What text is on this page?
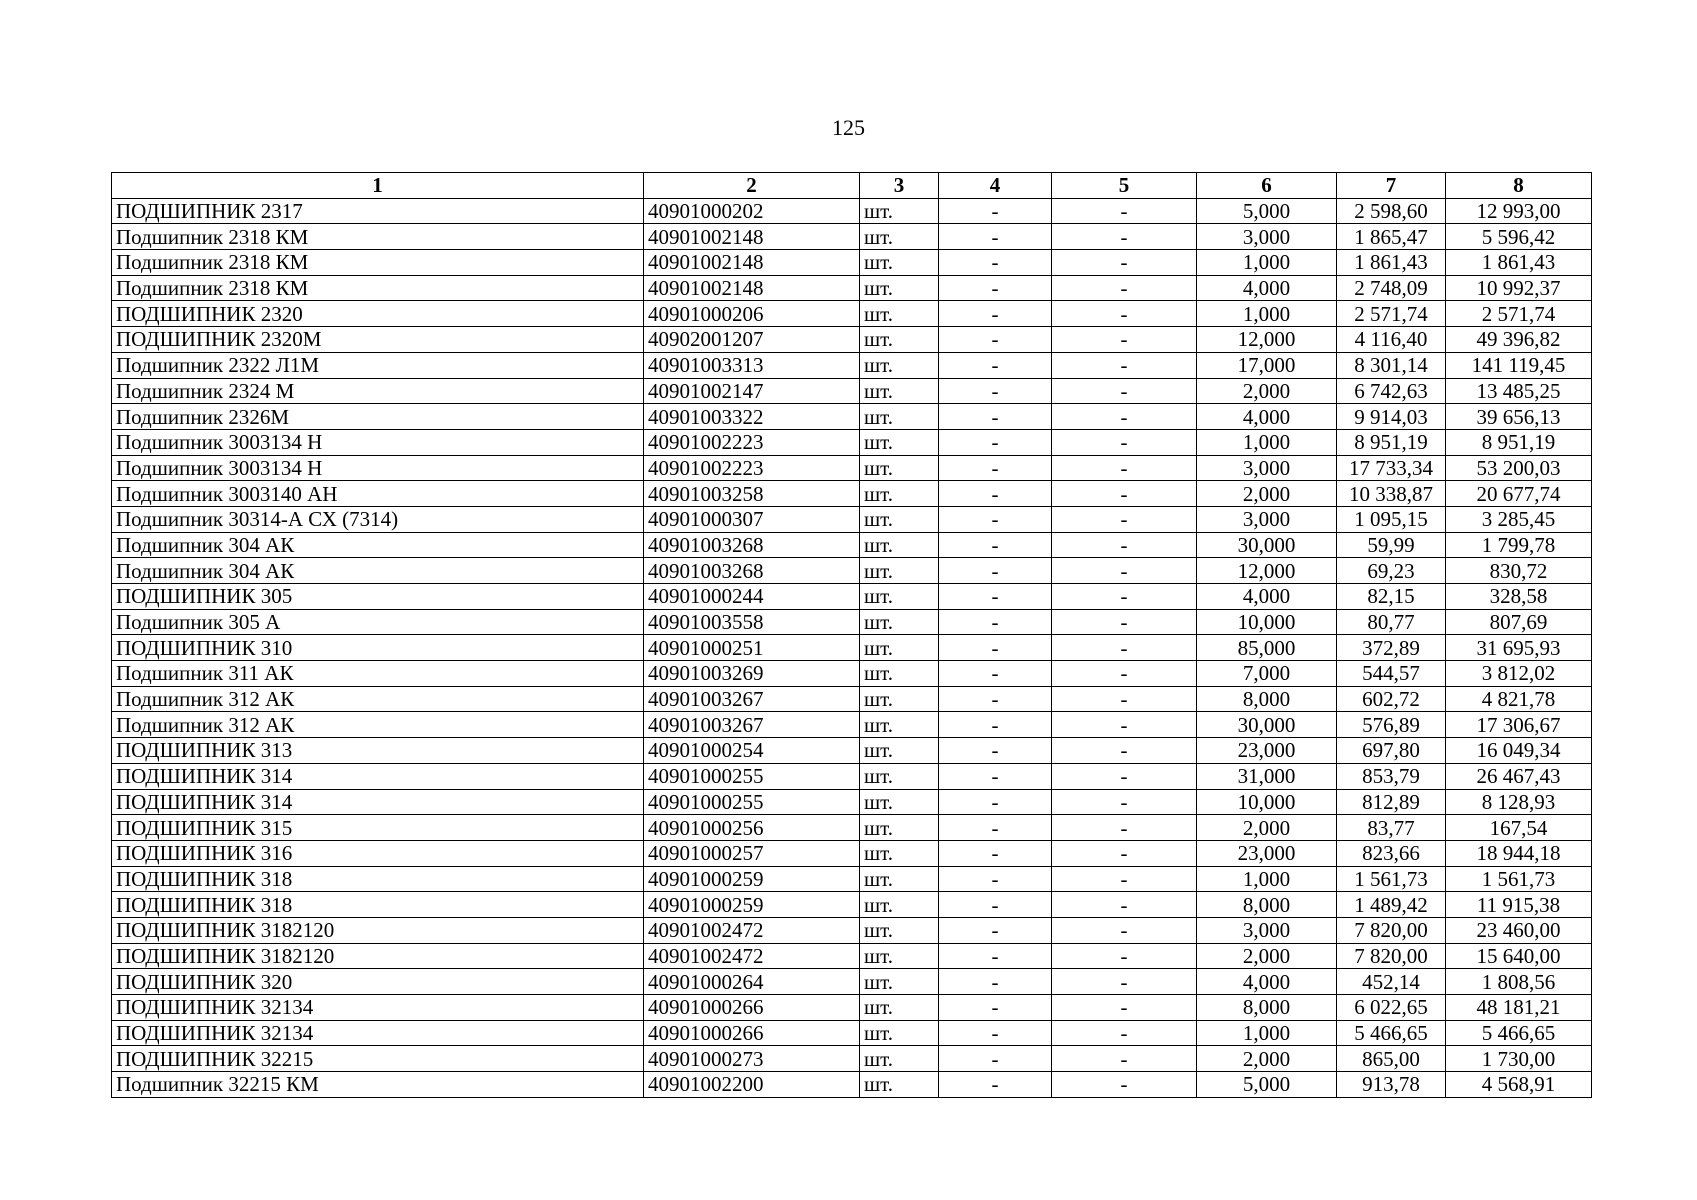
125
1	2	3	4	5	6	7	8
ПОДШИПНИК 2317	40901000202	шт.	-	-	5,000	2 598,60	12 993,00
Подшипник 2318 КМ	40901002148	шт.	-	-	3,000	1 865,47	5 596,42
Подшипник 2318 КМ	40901002148	шт.	-	-	1,000	1 861,43	1 861,43
Подшипник 2318 КМ	40901002148	шт.	-	-	4,000	2 748,09	10 992,37
ПОДШИПНИК 2320	40901000206	шт.	-	-	1,000	2 571,74	2 571,74
ПОДШИПНИК 2320М	40902001207	шт.	-	-	12,000	4 116,40	49 396,82
Подшипник 2322 Л1М	40901003313	шт.	-	-	17,000	8 301,14	141 119,45
Подшипник 2324 М	40901002147	шт.	-	-	2,000	6 742,63	13 485,25
Подшипник 2326М	40901003322	шт.	-	-	4,000	9 914,03	39 656,13
Подшипник 3003134 Н	40901002223	шт.	-	-	1,000	8 951,19	8 951,19
Подшипник 3003134 Н	40901002223	шт.	-	-	3,000	17 733,34	53 200,03
Подшипник 3003140 АН	40901003258	шт.	-	-	2,000	10 338,87	20 677,74
Подшипник 30314-А СХ (7314)	40901000307	шт.	-	-	3,000	1 095,15	3 285,45
Подшипник 304 АК	40901003268	шт.	-	-	30,000	59,99	1 799,78
Подшипник 304 АК	40901003268	шт.	-	-	12,000	69,23	830,72
ПОДШИПНИК 305	40901000244	шт.	-	-	4,000	82,15	328,58
Подшипник 305 А	40901003558	шт.	-	-	10,000	80,77	807,69
ПОДШИПНИК 310	40901000251	шт.	-	-	85,000	372,89	31 695,93
Подшипник 311 АК	40901003269	шт.	-	-	7,000	544,57	3 812,02
Подшипник 312 АК	40901003267	шт.	-	-	8,000	602,72	4 821,78
Подшипник 312 АК	40901003267	шт.	-	-	30,000	576,89	17 306,67
ПОДШИПНИК 313	40901000254	шт.	-	-	23,000	697,80	16 049,34
ПОДШИПНИК 314	40901000255	шт.	-	-	31,000	853,79	26 467,43
ПОДШИПНИК 314	40901000255	шт.	-	-	10,000	812,89	8 128,93
ПОДШИПНИК 315	40901000256	шт.	-	-	2,000	83,77	167,54
ПОДШИПНИК 316	40901000257	шт.	-	-	23,000	823,66	18 944,18
ПОДШИПНИК 318	40901000259	шт.	-	-	1,000	1 561,73	1 561,73
ПОДШИПНИК 318	40901000259	шт.	-	-	8,000	1 489,42	11 915,38
ПОДШИПНИК 3182120	40901002472	шт.	-	-	3,000	7 820,00	23 460,00
ПОДШИПНИК 3182120	40901002472	шт.	-	-	2,000	7 820,00	15 640,00
ПОДШИПНИК 320	40901000264	шт.	-	-	4,000	452,14	1 808,56
ПОДШИПНИК 32134	40901000266	шт.	-	-	8,000	6 022,65	48 181,21
ПОДШИПНИК 32134	40901000266	шт.	-	-	1,000	5 466,65	5 466,65
ПОДШИПНИК 32215	40901000273	шт.	-	-	2,000	865,00	1 730,00
Подшипник 32215 КМ	40901002200	шт.	-	-	5,000	913,78	4 568,91
